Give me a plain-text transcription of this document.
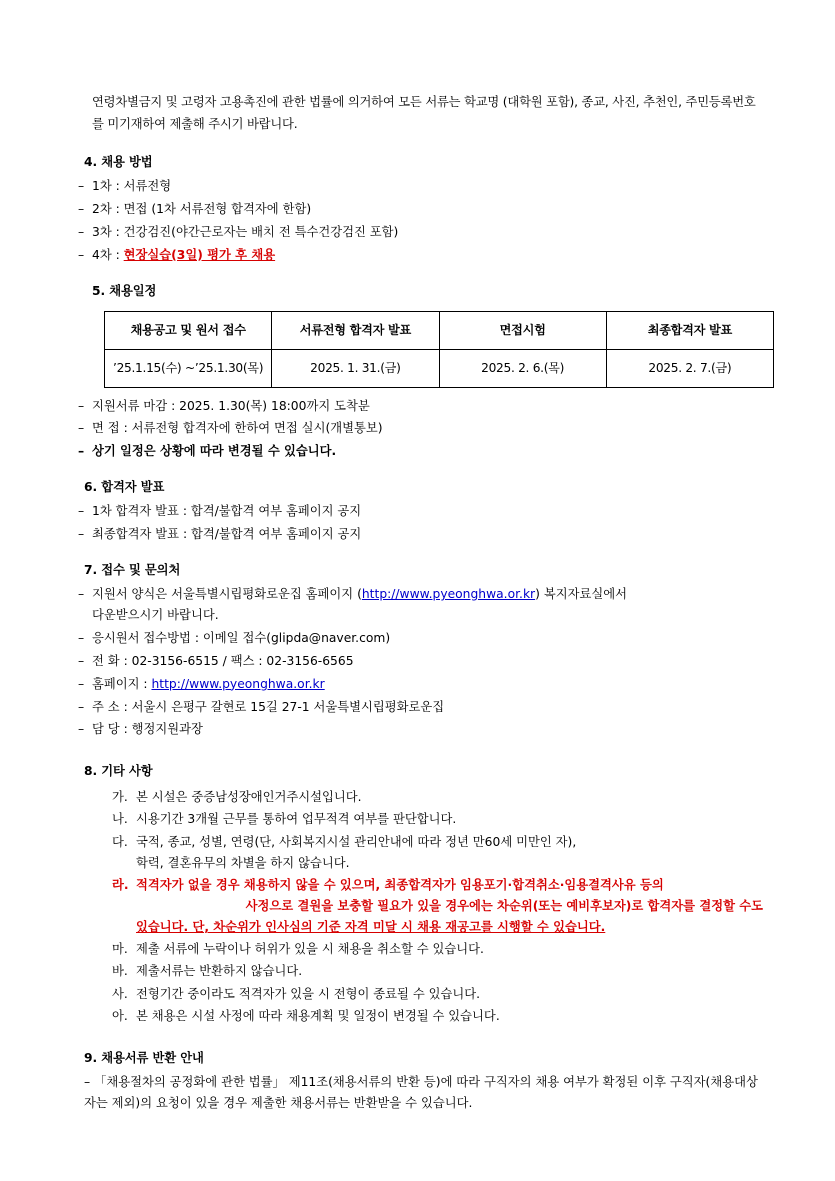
연령차별금지 및 고령자 고용촉진에 관한 법률에 의거하여 모든 서류는 학교명 (대학원 포함), 종교, 사진, 추천인, 주민등록번호를 미기재하여 제출해 주시기 바랍니다.

4. 채용 방법
– 1차 : 서류전형
– 2차 : 면접 (1차 서류전형 합격자에 한함)
– 3차 : 건강검진(야간근로자는 배치 전 특수건강검진 포함)
– 4차 : 현장실습(3일) 평가 후 채용
5. 채용일정
채용공고 및 원서 접수	서류전형 합격자 발표	면접시험	최종합격자 발표
’25.1.15(수) ~’25.1.30(목)	2025. 1. 31.(금)	2025. 2. 6.(목)	2025. 2. 7.(금)
– 지원서류 마감 : 2025. 1.30(목) 18:00까지 도착분
– 면 접 : 서류전형 합격자에 한하여 면접 실시(개별통보)
– 상기 일정은 상황에 따라 변경될 수 있습니다.
6. 합격자 발표
– 1차 합격자 발표 : 합격/불합격 여부 홈페이지 공지
– 최종합격자 발표 : 합격/불합격 여부 홈페이지 공지
7. 접수 및 문의처
– 지원서 양식은 서울특별시립평화로운집 홈페이지 (http://www.pyeonghwa.or.kr) 복지자료실에서
다운받으시기 바랍니다.
– 응시원서 접수방법 : 이메일 접수(glipda@naver.com)
– 전 화 : 02-3156-6515 / 팩스 : 02-3156-6565
– 홈페이지 : http://www.pyeonghwa.or.kr
– 주 소 : 서울시 은평구 갈현로 15길 27-1 서울특별시립평화로운집
– 담 당 : 행정지원과장
8. 기타 사항
가. 본 시설은 중증남성장애인거주시설입니다.
나. 시용기간 3개월 근무를 통하여 업무적격 여부를 판단합니다.
다. 국적, 종교, 성별, 연령(단, 사회복지시설 관리안내에 따라 정년 만60세 미만인 자),
학력, 결혼유무의 차별을 하지 않습니다.
라. 적격자가 없을 경우 채용하지 않을 수 있으며, 최종합격자가 임용포기·합격취소·임용결격사유 등의
사정으로 결원을 보충할 필요가 있을 경우에는 차순위(또는 예비후보자)로 합격자를 결정할 수도
있습니다. 단, 차순위가 인사심의 기준 자격 미달 시 채용 재공고를 시행할 수 있습니다.
마. 제출 서류에 누락이나 허위가 있을 시 채용을 취소할 수 있습니다.
바. 제출서류는 반환하지 않습니다.
사. 전형기간 중이라도 적격자가 있을 시 전형이 종료될 수 있습니다.
아. 본 채용은 시설 사정에 따라 채용계획 및 일정이 변경될 수 있습니다.
9. 채용서류 반환 안내
– 「채용절차의 공정화에 관한 법률」 제11조(채용서류의 반환 등)에 따라 구직자의 채용 여부가 확정된 이후 구직자(채용대상자는 제외)의 요청이 있을 경우 제출한 채용서류는 반환받을 수 있습니다.
